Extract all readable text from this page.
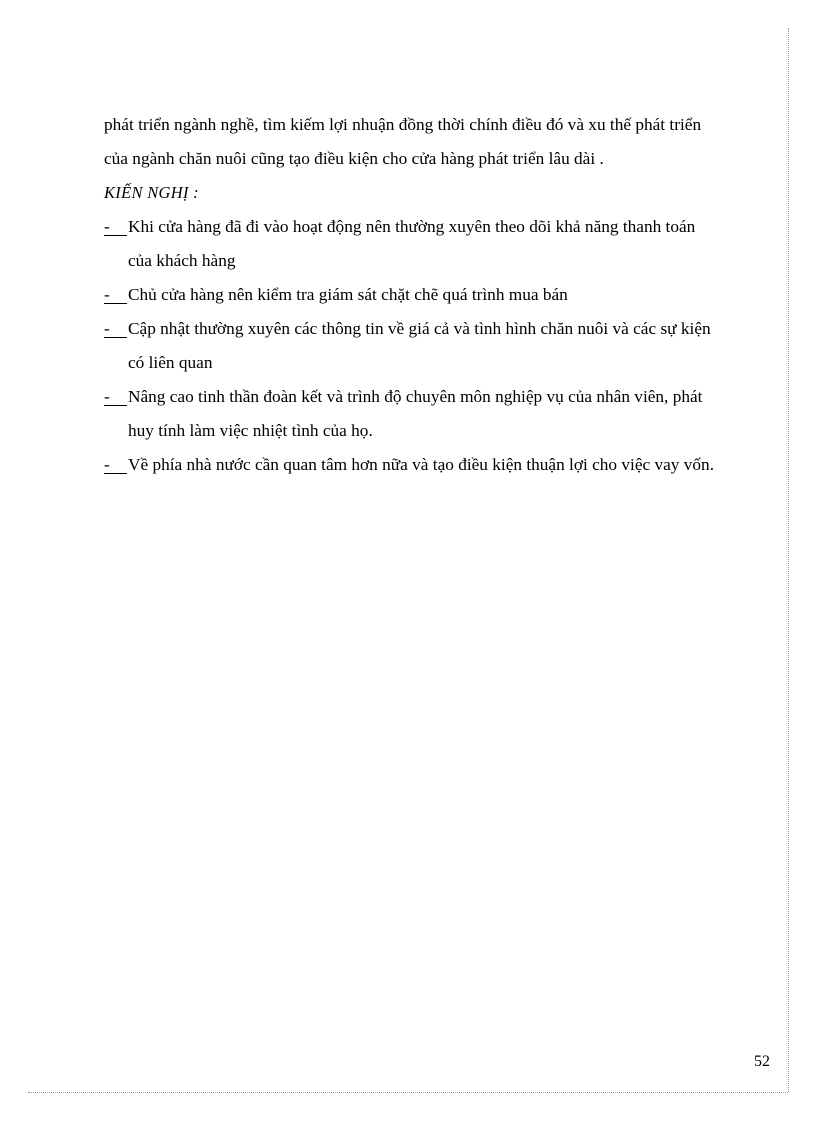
phát triển ngành nghề, tìm kiếm lợi nhuận đồng thời chính điều đó và xu thế phát triển

của ngành chăn nuôi cũng tạo điều kiện cho cửa hàng phát triển lâu dài .

KIẾN NGHỊ :

- Khi cửa hàng đã đi vào hoạt động nên thường xuyên theo dõi khả năng thanh toán
của khách hàng
- Chủ cửa hàng nên kiểm tra giám sát chặt chẽ quá trình mua bán
- Cập nhật thường xuyên các thông tin về giá cả và tình hình chăn nuôi và các sự kiện
có liên quan
- Nâng cao tinh thần đoàn kết và trình độ chuyên môn nghiệp vụ của nhân viên, phát
huy tính làm việc nhiệt tình của họ.
- Về phía nhà nước cần quan tâm hơn nữa và tạo điều kiện thuận lợi cho việc vay vốn.
52
